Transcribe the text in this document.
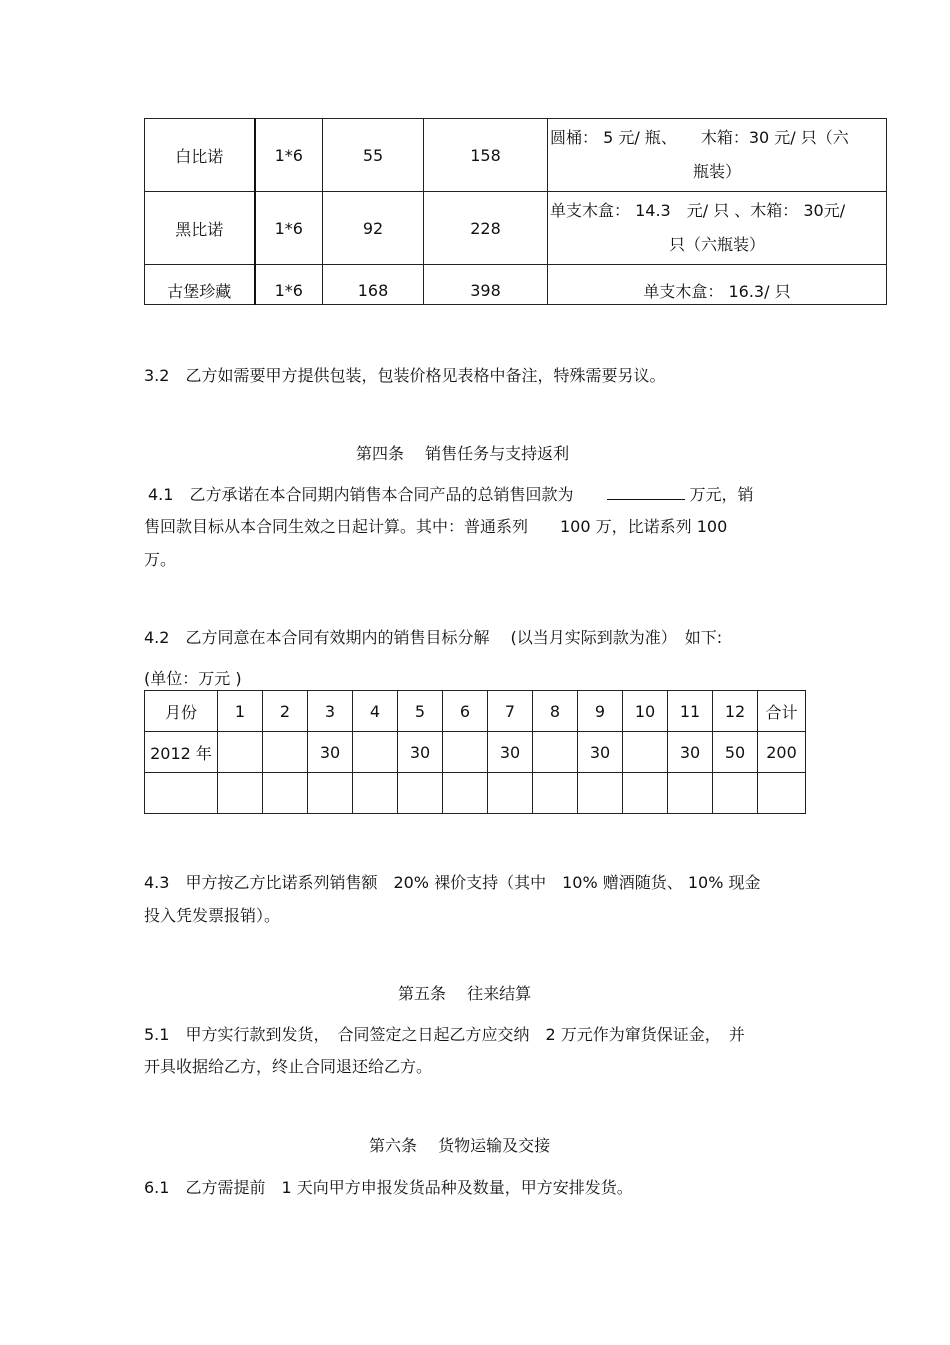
白比诺	1*6	55	158	圆桶： 5 元/ 瓶、　　木箱：30 元/ 只（六
瓶装）

黑比诺	1*6	92	228	单支木盒： 14.3　元/ 只 、木箱： 30元/
只（六瓶装）

古堡珍藏	1*6	168	398	单支木盒： 16.3/ 只
3.2　乙方如需要甲方提供包装，包装价格见表格中备注，特殊需要另议。
第四条　 销售任务与支持返利
4.1　乙方承诺在本合同期内销售本合同产品的总销售回款为	万元，销
售回款目标从本合同生效之日起计算。其中：普通系列　　100 万，比诺系列 100
万。
4.2　乙方同意在本合同有效期内的销售目标分解　 (以当月实际到款为准）　如下:
(单位：万元 )
月份	1	2	3	4	5	6	7	8	9	10	11	12	合计
2012 年			30		30		30		30		30	50	200

4.3　甲方按乙方比诺系列销售额　20% 裸价支持（其中　10% 赠酒随货、 10% 现金
投入凭发票报销）。
第五条　 往来结算
5.1　甲方实行款到发货，　合同签定之日起乙方应交纳　2 万元作为窜货保证金，　并
开具收据给乙方，终止合同退还给乙方。
第六条　 货物运输及交接
6.1　乙方需提前　1 天向甲方申报发货品种及数量，甲方安排发货。
